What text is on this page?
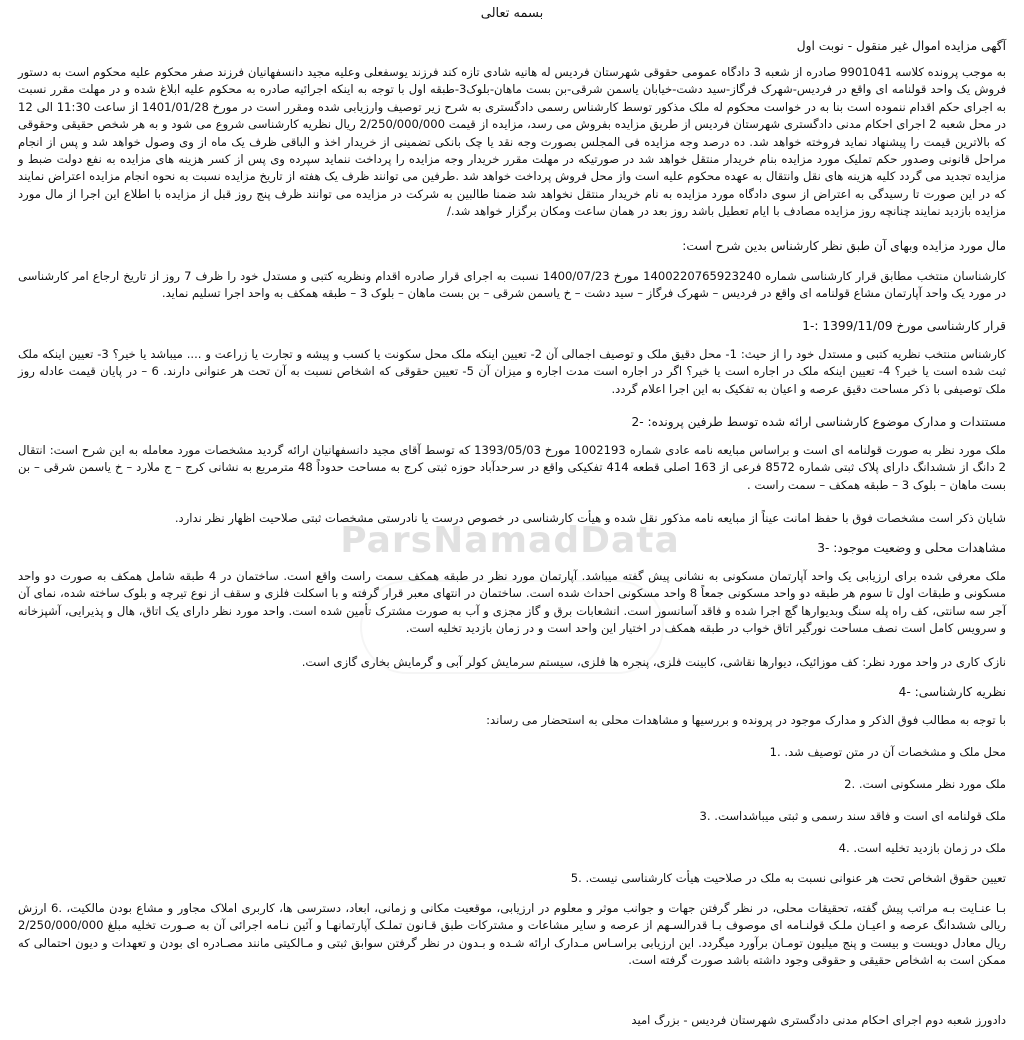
ParsNamadData
بسمه تعالی

آگهی مزایده اموال غیر منقول - نوبت اول

به موجب پرونده کلاسه 9901041 صادره از شعبه 3 دادگاه عمومی حقوقی شهرستان فردیس له هانیه شادی تازه کند فرزند یوسفعلی وعلیه مجید دانسفهانیان فرزند صفر محکوم علیه محکوم است به دستور فروش یک واحد قولنامه ای واقع در فردیس-شهرک فرگاز-سید دشت-خیابان یاسمن شرقی-بن بست ماهان-بلوک3-طبقه اول با توجه به اینکه اجرائیه صادره به محکوم علیه ابلاغ شده و در مهلت مقرر نسبت به اجرای حکم اقدام ننموده است بنا به در خواست محکوم له ملک مذکور توسط کارشناس رسمی دادگستری به شرح زیر توصیف وارزیابی شده ومقرر است در مورخ 1401/01/28 از ساعت 11:30 الی 12 در محل شعبه 2 اجرای احکام مدنی دادگستری شهرستان فردیس از طریق مزایده بفروش می رسد، مزایده از قیمت 2/250/000/000 ریال نظریه کارشناسی شروع می شود و به هر شخص حقیقی وحقوقی که بالاترین قیمت را پیشنهاد نماید فروخته خواهد شد. ده درصد وجه مزایده فی المجلس بصورت وجه نقد یا چک بانکی تضمینی از خریدار اخذ و الباقی ظرف یک ماه از وی وصول خواهد شد و پس از انجام مراحل قانونی وصدور حکم تملیک مورد مزایده بنام خریدار منتقل خواهد شد در صورتیکه در مهلت مقرر خریدار وجه مزایده را پرداخت ننماید سپرده وی پس از کسر هزینه های مزایده به نفع دولت ضبط و مزایده تجدید می گردد کلیه هزینه های نقل وانتقال به عهده محکوم علیه است واز محل فروش پرداخت خواهد شد .طرفین می توانند ظرف یک هفته از تاریخ مزایده نسبت به نحوه انجام مزایده اعتراض نمایند که در این صورت تا رسیدگی به اعتراض از سوی دادگاه مورد مزایده به نام خریدار منتقل نخواهد شد ضمنا طالبین به شرکت در مزایده می توانند ظرف پنج روز قبل از مزایده با اطلاع این اجرا از مال مورد مزایده بازدید نمایند چنانچه روز مزایده مصادف با ایام تعطیل باشد روز بعد در همان ساعت ومکان برگزار خواهد شد./

مال مورد مزایده وبهای آن طبق نظر کارشناس بدین شرح است:

کارشناسان منتخب مطابق قرار کارشناسی شماره 1400220765923240 مورخ 1400/07/23 نسبت به اجرای قرار صادره اقدام ونظریه کتبی و مستدل خود را ظرف 7 روز از تاریخ ارجاع امر کارشناسی در مورد یک واحد آپارتمان مشاع قولنامه ای واقع در فردیس – شهرک فرگاز – سید دشت – خ یاسمن شرقی – بن بست ماهان – بلوک 3 – طبقه همکف به واحد اجرا تسلیم نماید.

قرار کارشناسی مورخ 1399/11/09 :-1

کارشناس منتخب نظریه کتبی و مستدل خود را از حیث: 1- محل دقیق ملک و توصیف اجمالی آن 2- تعیین اینکه ملک محل سکونت یا کسب و پیشه و تجارت یا زراعت و .... میباشد یا خیر؟ 3- تعیین اینکه ملک ثبت شده است یا خیر؟ 4- تعیین اینکه ملک در اجاره است یا خیر؟ اگر در اجاره است مدت اجاره و میزان آن 5- تعیین حقوقی که اشخاص نسبت به آن تحت هر عنوانی دارند. 6 – در پایان قیمت عادله روز ملک توصیفی با ذکر مساحت دقیق عرصه و اعیان به تفکیک به این اجرا اعلام گردد.

مستندات و مدارک موضوع کارشناسی ارائه شده توسط طرفین پرونده: -2

ملک مورد نظر به صورت قولنامه ای است و براساس مبایعه نامه عادی شماره 1002193 مورخ 1393/05/03 که توسط آقای مجید دانسفهانیان ارائه گردید مشخصات مورد معامله به این شرح است: انتقال 2 دانگ از ششدانگ دارای پلاک ثبتی شماره 8572 فرعی از 163 اصلی قطعه 414 تفکیکی واقع در سرحدآباد حوزه ثبتی کرج به مساحت حدوداً 48 مترمربع به نشانی کرج – ج ملارد – خ یاسمن شرقی – بن بست ماهان – بلوک 3 – طبقه همکف – سمت راست .

شایان ذکر است مشخصات فوق با حفظ امانت عیناً از مبایعه نامه مذکور نقل شده و هیأت کارشناسی در خصوص درست یا نادرستی مشخصات ثبتی صلاحیت اظهار نظر ندارد.

مشاهدات محلی و وضعیت موجود: -3

ملک معرفی شده برای ارزیابی یک واحد آپارتمان مسکونی به نشانی پیش گفته میباشد. آپارتمان مورد نظر در طبقه همکف سمت راست واقع است. ساختمان در 4 طبقه شامل همکف به صورت دو واحد مسکونی و طبقات اول تا سوم هر طبقه دو واحد مسکونی جمعاً 8 واحد مسکونی احداث شده است. ساختمان در انتهای معبر قرار گرفته و با اسکلت فلزی و سقف از نوع تیرچه و بلوک ساخته شده، نمای آن آجر سه سانتی، کف راه پله سنگ وبدیوارها گچ اجرا شده و فاقد آسانسور است. انشعابات برق و گاز مجزی و آب به صورت مشترک تأمین شده است. واحد مورد نظر دارای یک اتاق، هال و پذیرایی، آشپزخانه و سرویس کامل است نصف مساحت نورگیر اتاق خواب در طبقه همکف در اختیار این واحد است و در زمان بازدید تخلیه است.

نازک کاری در واحد مورد نظر: کف موزائیک، دیوارها نقاشی، کابینت فلزی، پنجره ها فلزی، سیستم سرمایش کولر آبی و گرمایش بخاری گازی است.

نظریه کارشناسی: -4

با توجه به مطالب فوق الذکر و مدارک موجود در پرونده و بررسیها و مشاهدات محلی به استحضار می رساند:

محل ملک و مشخصات آن در متن توصیف شد. .1

ملک مورد نظر مسکونی است. .2

ملک قولنامه ای است و فاقد سند رسمی و ثبتی میباشداست. .3

ملک در زمان بازدید تخلیه است. .4

تعیین حقوق اشخاص تحت هر عنوانی نسبت به ملک در صلاحیت هیأت کارشناسی نیست. .5

بـا عنـایت بـه مراتب پیش گفته، تحقیقات محلی، در نظر گرفتن جهات و جوانب موثر و معلوم در ارزیابی، موقعیت مکانی و زمانی، ابعاد، دسترسی ها، کاربری املاک مجاور و مشاع بودن مالکیت، .6 ارزش ریالی ششدانگ عرصه و اعیـان ملـک قولنـامه ای موصوف بـا قدرالسـهم از عرصه و سایر مشاعات و مشترکات طبق قـانون تملـک آپارتمانهـا و آئین نـامه اجرائی آن به صـورت تخلیه مبلغ 2/250/000/000 ریال معادل دویست و بیست و پنج میلیون تومـان برآورد میگردد. این ارزیابی براسـاس مـدارک ارائه شـده و بـدون در نظر گرفتن سوابق ثبتی و مـالکیتی مانند مصـادره ای بودن و تعهدات و دیون احتمالی که ممکن است به اشخاص حقیقی و حقوقی وجود داشته باشد صورت گرفته است.

دادورز شعبه دوم اجرای احکام مدنی دادگستری شهرستان فردیس - بزرگ امید
